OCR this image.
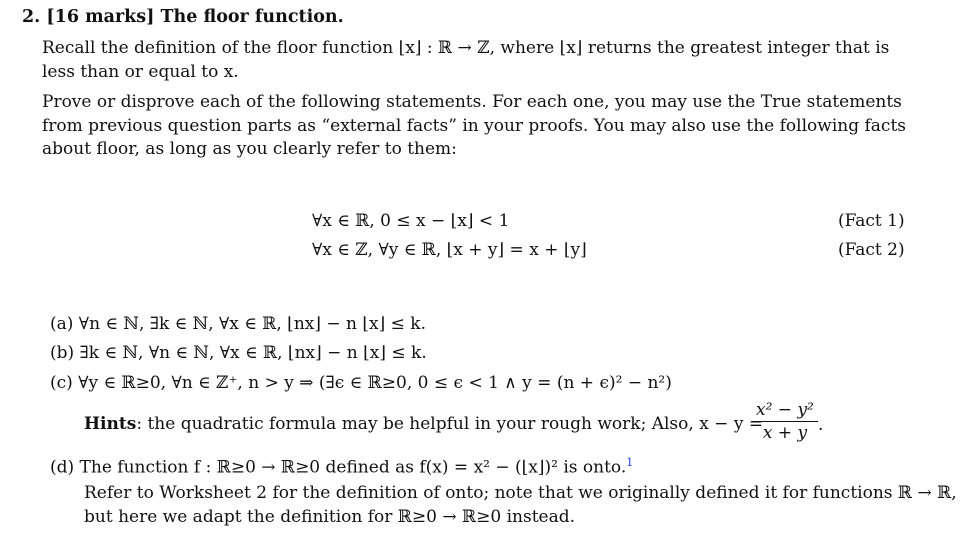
2. [16 marks] The floor function.
Recall the definition of the floor function ⌊x⌋ : ℝ → ℤ, where ⌊x⌋ returns the greatest integer that is less than or equal to x.
Prove or disprove each of the following statements. For each one, you may use the True statements from previous question parts as “external facts” in your proofs. You may also use the following facts about floor, as long as you clearly refer to them:
∀x ∈ ℝ, 0 ≤ x − ⌊x⌋ < 1	(Fact 1)
∀x ∈ ℤ, ∀y ∈ ℝ, ⌊x + y⌋ = x + ⌊y⌋	(Fact 2)
(a) ∀n ∈ ℕ, ∃k ∈ ℕ, ∀x ∈ ℝ, ⌊nx⌋ − n ⌊x⌋ ≤ k.
(b) ∃k ∈ ℕ, ∀n ∈ ℕ, ∀x ∈ ℝ, ⌊nx⌋ − n ⌊x⌋ ≤ k.
(c) ∀y ∈ ℝ≥0, ∀n ∈ ℤ⁺, n > y ⇒ (∃ϵ ∈ ℝ≥0, 0 ≤ ϵ < 1 ∧ y = (n + ϵ)² − n²)
Hints: the quadratic formula may be helpful in your rough work; Also, x − y =
$\frac{\text{x² − y²}}{x + y}$ .
(d) The function f : ℝ≥0 → ℝ≥0 defined as f(x) = x² − (⌊x⌋)² is onto.$^1$
Refer to Worksheet 2 for the definition of onto; note that we originally defined it for functions ℝ → ℝ,
but here we adapt the definition for ℝ≥0 → ℝ≥0 instead.
